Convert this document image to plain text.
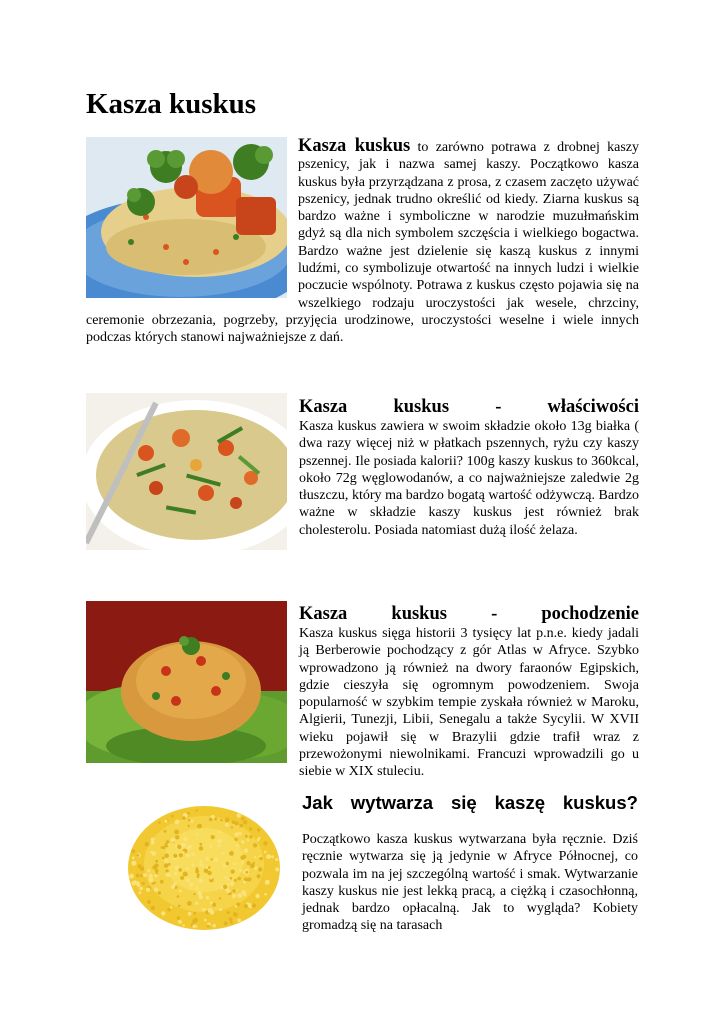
Kasza kuskus

Kasza kuskus to zarówno potrawa z drobnej kaszy pszenicy, jak i nazwa samej kaszy. Początkowo kasza kuskus była przyrządzana z prosa, z czasem zaczęto używać pszenicy, jednak trudno określić od kiedy. Ziarna kuskus są bardzo ważne i symboliczne w narodzie muzułmańskim gdyż są dla nich symbolem szczęścia i wielkiego bogactwa. Bardzo ważne jest dzielenie się kaszą kuskus z innymi ludźmi, co symbolizuje otwartość na innych ludzi i wielkie poczucie wspólnoty. Potrawa z kuskus często pojawia się na wszelkiego rodzaju uroczystości jak wesele, chrzciny, ceremonie obrzezania, pogrzeby, przyjęcia urodzinowe, uroczystości weselne i wiele innych podczas których stanowi najważniejsze z dań.

Kasza kuskus - właściwości

Kasza kuskus zawiera w swoim składzie około 13g białka ( dwa razy więcej niż w płatkach pszennych, ryżu czy kaszy pszennej. Ile posiada kalorii? 100g kaszy kuskus to 360kcal, około 72g węglowodanów, a co najważniejsze zaledwie 2g tłuszczu, który ma bardzo bogatą wartość odżywczą. Bardzo ważne w składzie kaszy kuskus jest również brak cholesterolu. Posiada natomiast dużą ilość żelaza.

Kasza kuskus - pochodzenie

Kasza kuskus sięga historii 3 tysięcy lat p.n.e. kiedy jadali ją Berberowie pochodzący z gór Atlas w Afryce. Szybko wprowadzono ją również na dwory faraonów Egipskich, gdzie cieszyła się ogromnym powodzeniem. Swoja popularność w szybkim tempie zyskała również w Maroku, Algierii, Tunezji, Libii, Senegalu a także Sycylii. W XVII wieku pojawił się w Brazylii gdzie trafił wraz z przewożonymi niewolnikami. Francuzi wprowadzili go u siebie w XIX stuleciu.

Jak wytwarza się kaszę kuskus?

Początkowo kasza kuskus wytwarzana była ręcznie. Dziś ręcznie wytwarza się ją jedynie w Afryce Północnej, co pozwala im na jej szczególną wartość i smak. Wytwarzanie kaszy kuskus nie jest lekką pracą, a ciężką i czasochłonną, jednak bardzo opłacalną. Jak to wygląda? Kobiety gromadzą się na tarasach
